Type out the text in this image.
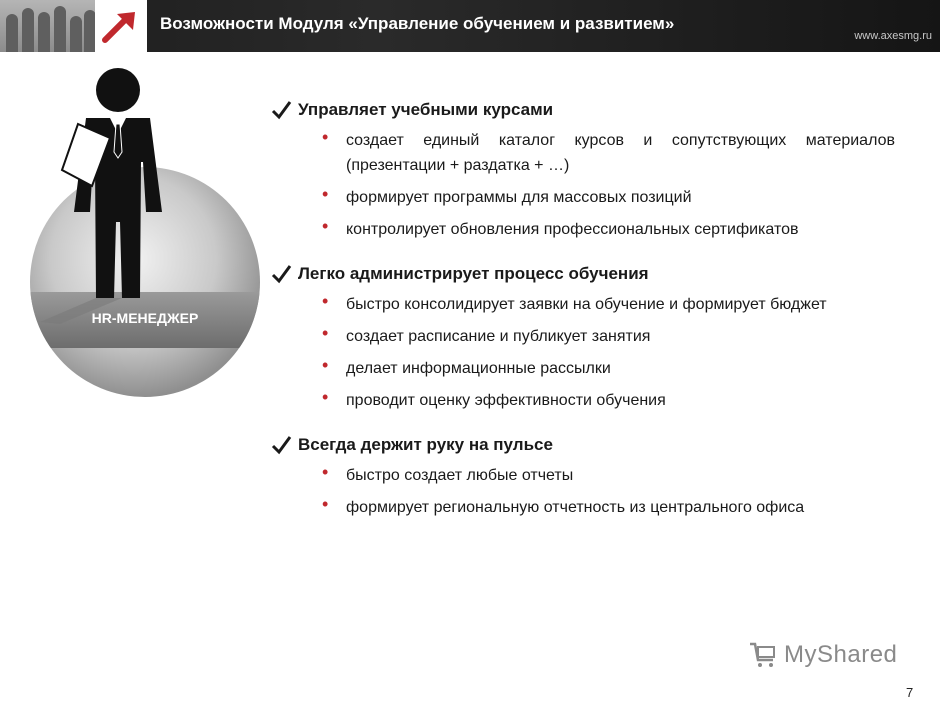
Возможности Модуля «Управление обучением и развитием»
www.axesmg.ru
HR-МЕНЕДЖЕР
Управляет учебными курсами
• создает единый каталог курсов и сопутствующих материалов (презентации + раздатка + …)
• формирует программы для массовых позиций
• контролирует обновления профессиональных сертификатов
Легко администрирует процесс обучения
• быстро консолидирует заявки на обучение и формирует бюджет
• создает расписание и публикует занятия
• делает информационные рассылки
• проводит оценку эффективности обучения
Всегда держит руку на пульсе
• быстро создает любые отчеты
• формирует региональную отчетность из центрального офиса
My Shared
7
